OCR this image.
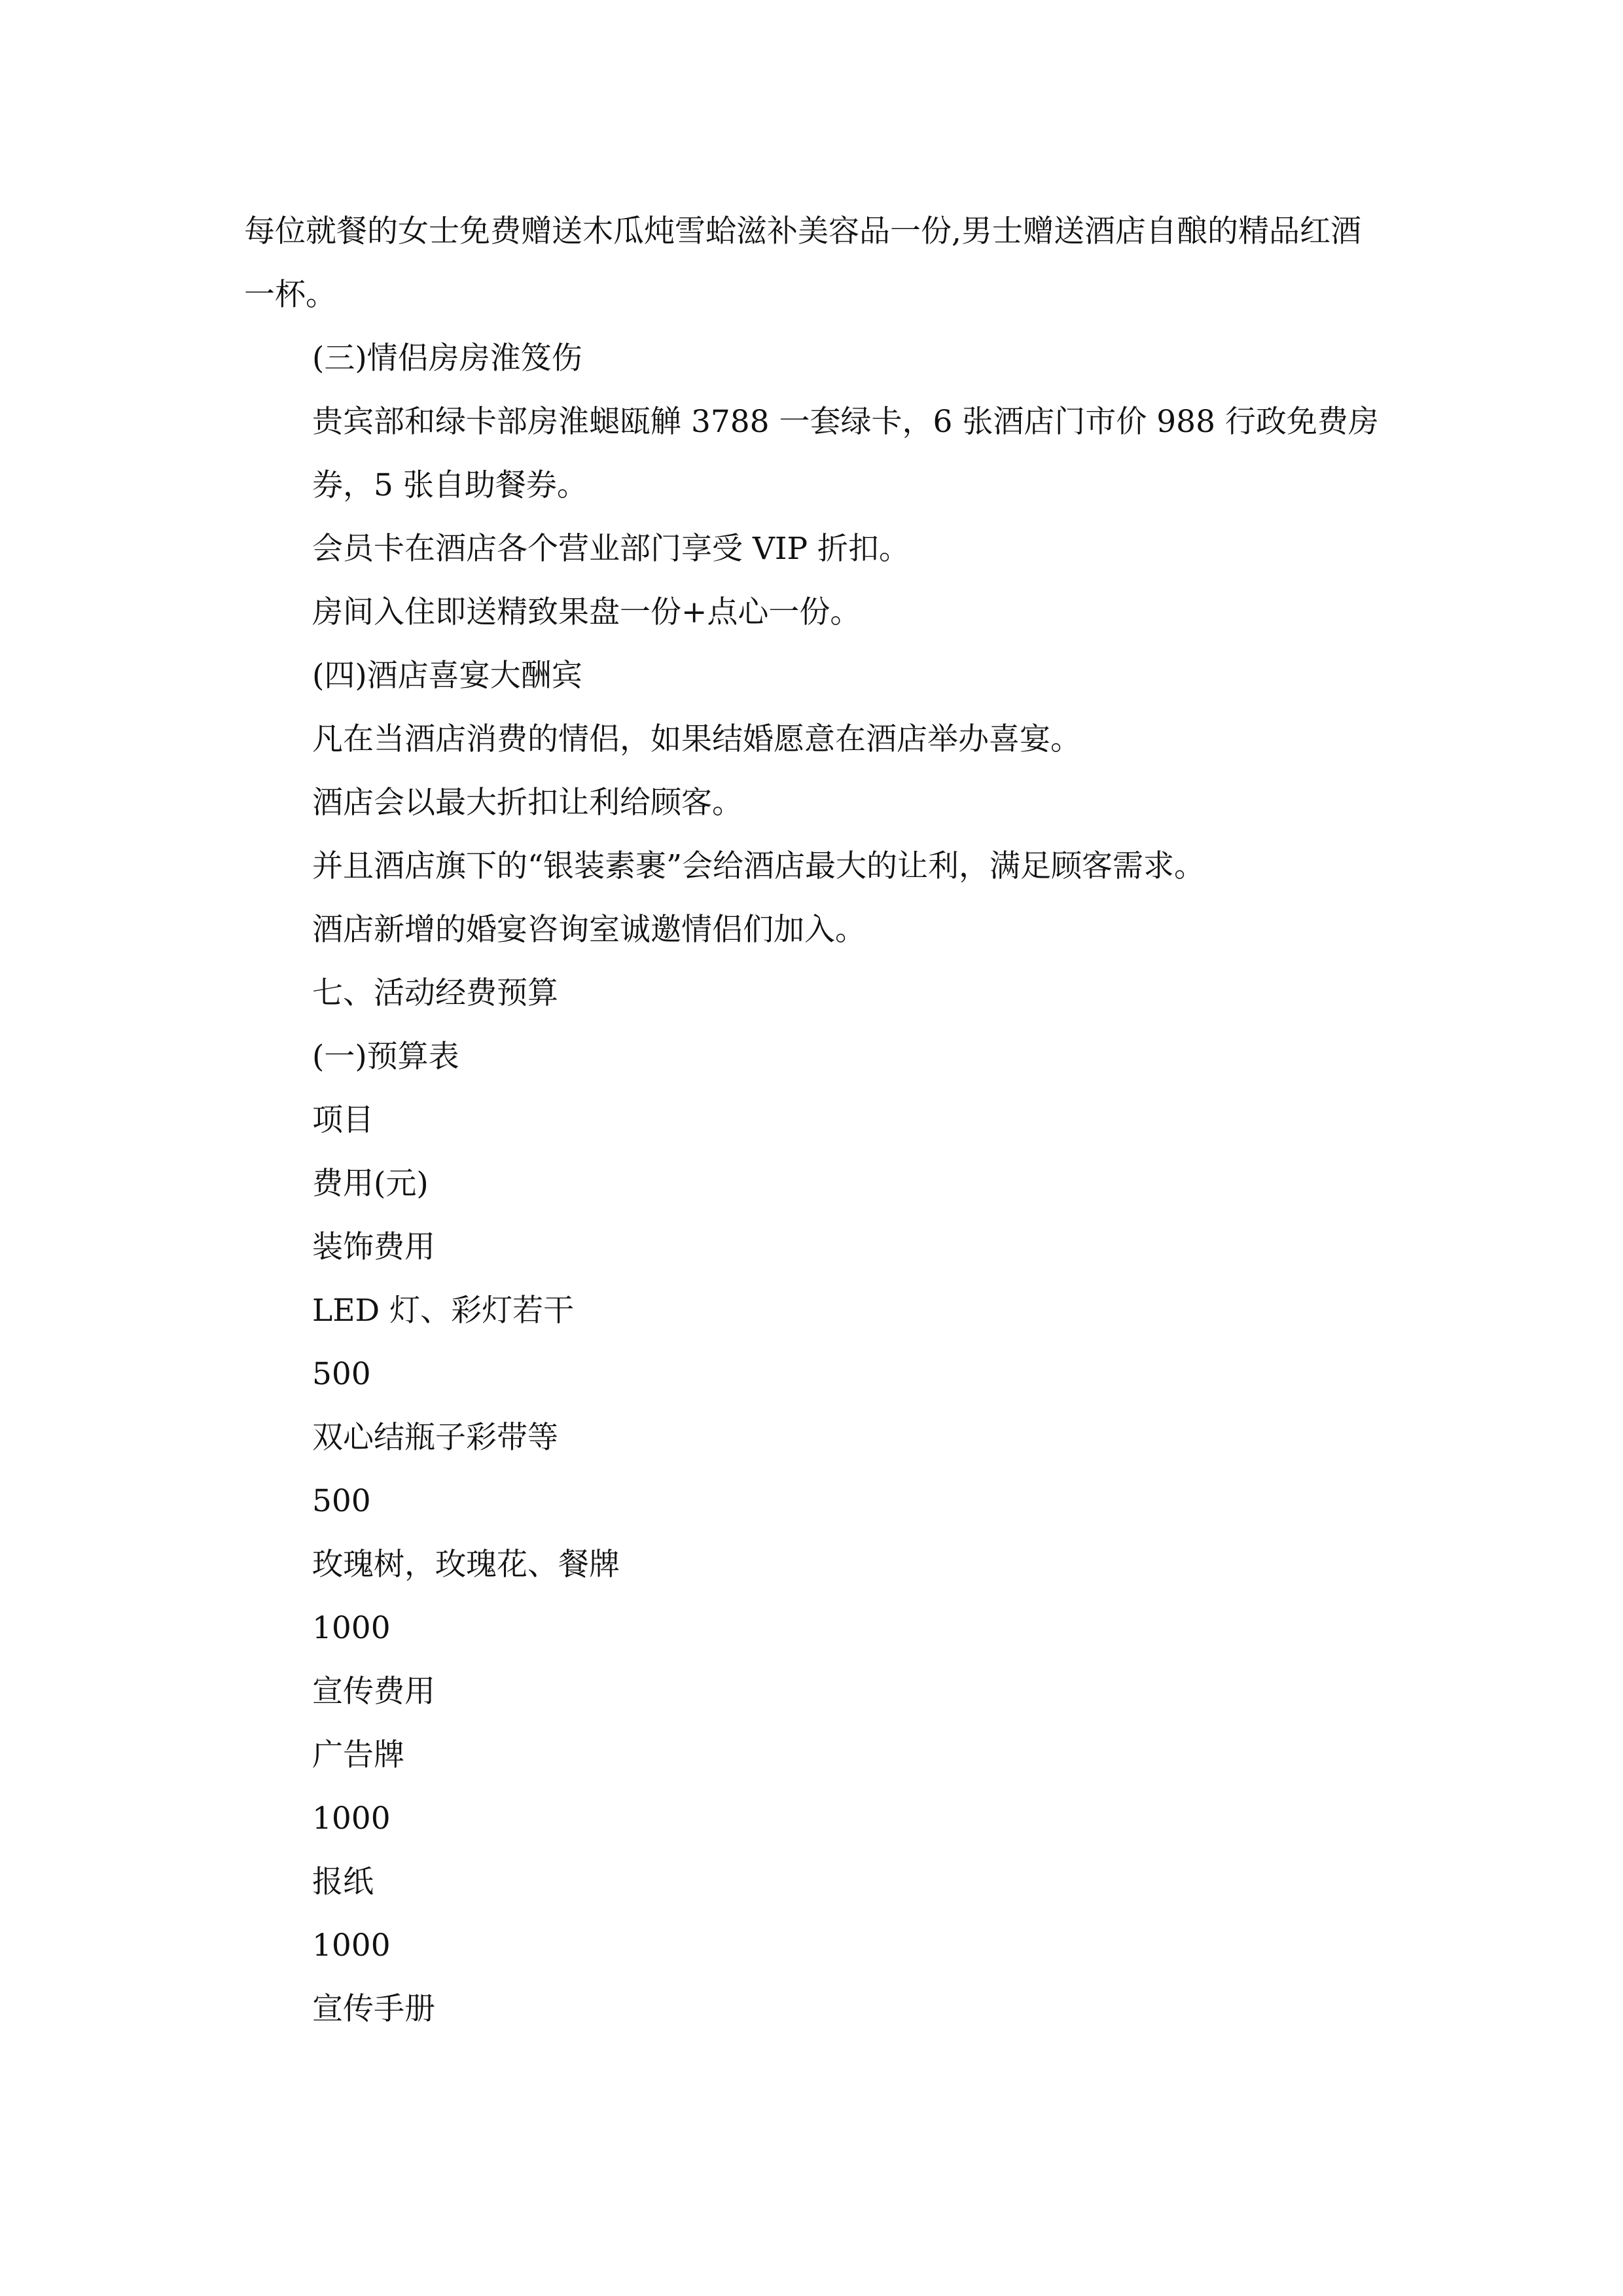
每位就餐的女士免费赠送木瓜炖雪蛤滋补美容品一份,男士赠送酒店自酿的精品红酒一杯。

(三)情侣房房淮笈伤

贵宾部和绿卡部房淮螁瓯觯 3788 一套绿卡，6 张酒店门市价 988 行政免费房券，5 张自助餐券。

会员卡在酒店各个营业部门享受 VIP 折扣。

房间入住即送精致果盘一份+点心一份。

(四)酒店喜宴大酬宾

凡在当酒店消费的情侣，如果结婚愿意在酒店举办喜宴。

酒店会以最大折扣让利给顾客。

并且酒店旗下的“银装素裹”会给酒店最大的让利，满足顾客需求。

酒店新增的婚宴咨询室诚邀情侣们加入。

七、活动经费预算

(一)预算表

项目

费用(元)

装饰费用

LED 灯、彩灯若干

500

双心结瓶子彩带等

500

玫瑰树，玫瑰花、餐牌

1000

宣传费用

广告牌

1000

报纸

1000

宣传手册
